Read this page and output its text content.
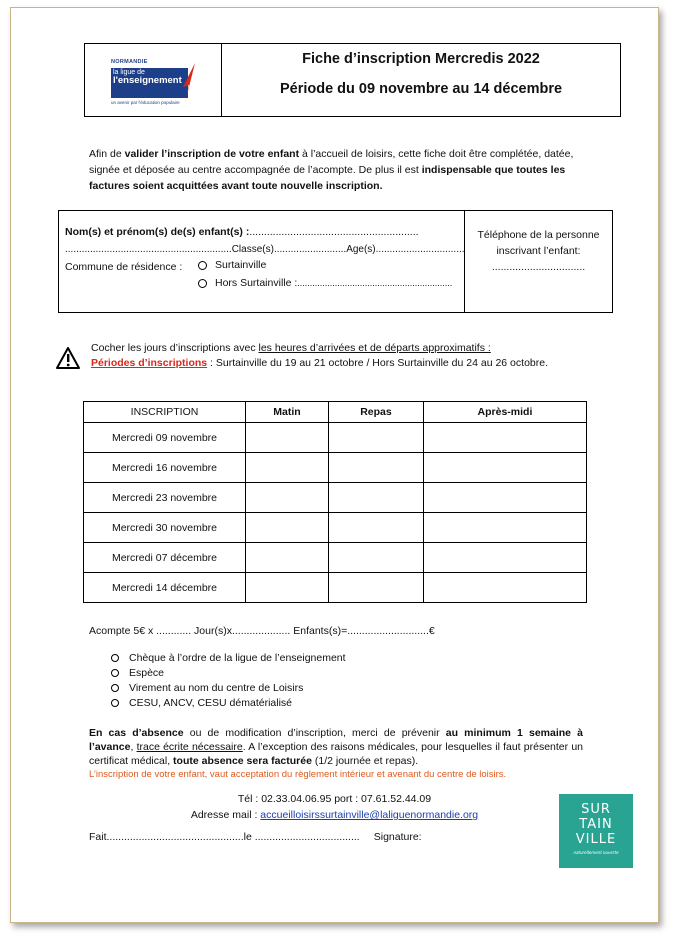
NORMANDIE
la ligue de
l'enseignement
un avenir par l'éducation populaire
Fiche d’inscription Mercredis 2022
Période du 09 novembre au 14 décembre
Afin de valider l’inscription de votre enfant à l’accueil de loisirs, cette fiche doit être complétée, datée, signée et déposée au centre accompagnée de l’acompte. De plus il est indispensable que toutes les factures soient acquittées avant toute nouvelle inscription.
Nom(s) et prénom(s) de(s) enfant(s) :..........................................................
............................................................Classe(s)..........................Age(s)................................
Commune de résidence :	Surtainville
Hors Surtainville :..............................................................
Téléphone de la personne
inscrivant l’enfant:
................................
Cocher les jours d’inscriptions avec les heures d’arrivées et de départs approximatifs :
Périodes d’inscriptions : Surtainville du 19 au 21 octobre / Hors Surtainville du 24 au 26 octobre.
INSCRIPTION	Matin	Repas	Après-midi
Mercredi 09 novembre			
Mercredi 16 novembre			
Mercredi 23 novembre			
Mercredi 30 novembre			
Mercredi 07 décembre			
Mercredi 14 décembre			
Acompte 5€ x ............ Jour(s)x.................... Enfants(s)=............................€
Chèque à l’ordre de la ligue de l’enseignement
Espèce
Virement au nom du centre de Loisirs
CESU, ANCV, CESU dématérialisé
En cas d’absence ou de modification d’inscription, merci de prévenir au minimum 1 semaine à l’avance, trace écrite nécessaire. A l’exception des raisons médicales, pour lesquelles il faut présenter un certificat médical, toute absence sera facturée (1/2 journée et repas).
L’inscription de votre enfant, vaut acceptation du règlement intérieur et avenant du centre de loisirs.
Tél : 02.33.04.06.95 port : 07.61.52.44.09
Adresse mail : accueilloisirssurtainville@laliguenormandie.org
Fait...............................................le .................................... Signature:
SUR
TAIN
VILLE
naturellement ouverte
